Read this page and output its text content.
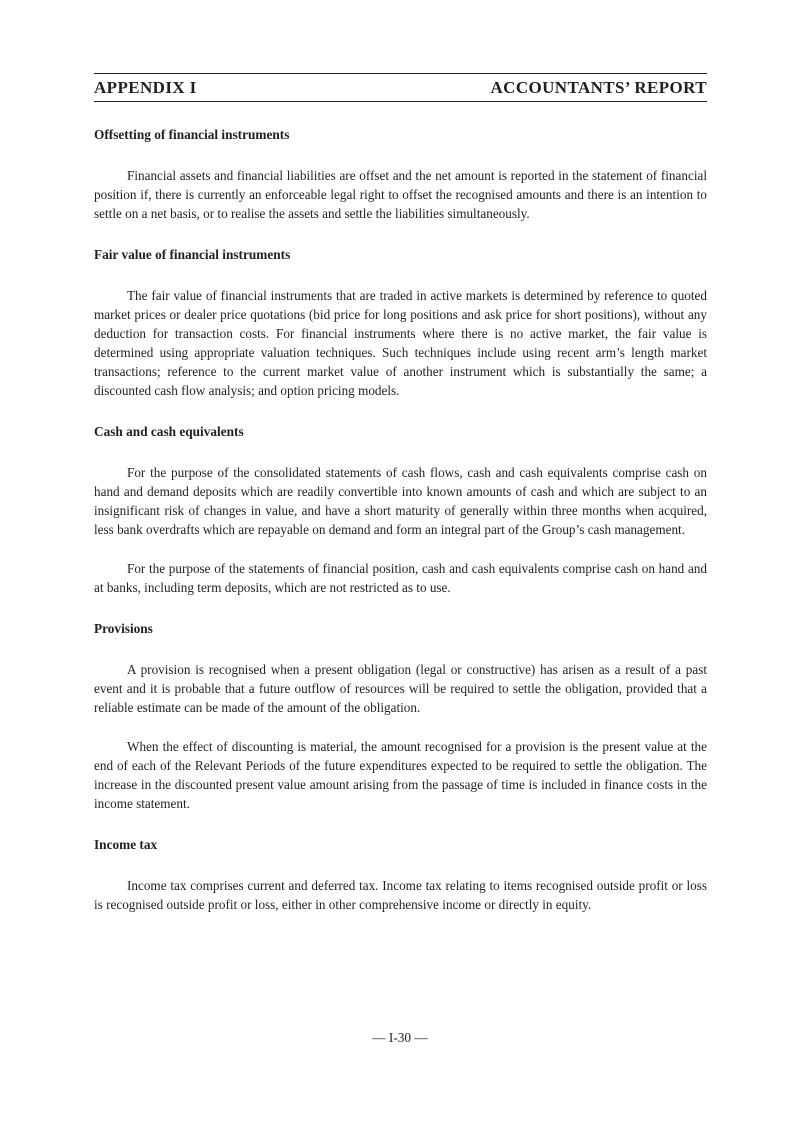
APPENDIX I	ACCOUNTANTS’ REPORT
Offsetting of financial instruments

Financial assets and financial liabilities are offset and the net amount is reported in the statement of financial position if, there is currently an enforceable legal right to offset the recognised amounts and there is an intention to settle on a net basis, or to realise the assets and settle the liabilities simultaneously.

Fair value of financial instruments

The fair value of financial instruments that are traded in active markets is determined by reference to quoted market prices or dealer price quotations (bid price for long positions and ask price for short positions), without any deduction for transaction costs. For financial instruments where there is no active market, the fair value is determined using appropriate valuation techniques. Such techniques include using recent arm’s length market transactions; reference to the current market value of another instrument which is substantially the same; a discounted cash flow analysis; and option pricing models.

Cash and cash equivalents

For the purpose of the consolidated statements of cash flows, cash and cash equivalents comprise cash on hand and demand deposits which are readily convertible into known amounts of cash and which are subject to an insignificant risk of changes in value, and have a short maturity of generally within three months when acquired, less bank overdrafts which are repayable on demand and form an integral part of the Group’s cash management.

For the purpose of the statements of financial position, cash and cash equivalents comprise cash on hand and at banks, including term deposits, which are not restricted as to use.

Provisions

A provision is recognised when a present obligation (legal or constructive) has arisen as a result of a past event and it is probable that a future outflow of resources will be required to settle the obligation, provided that a reliable estimate can be made of the amount of the obligation.

When the effect of discounting is material, the amount recognised for a provision is the present value at the end of each of the Relevant Periods of the future expenditures expected to be required to settle the obligation. The increase in the discounted present value amount arising from the passage of time is included in finance costs in the income statement.

Income tax

Income tax comprises current and deferred tax. Income tax relating to items recognised outside profit or loss is recognised outside profit or loss, either in other comprehensive income or directly in equity.

— I-30 —
